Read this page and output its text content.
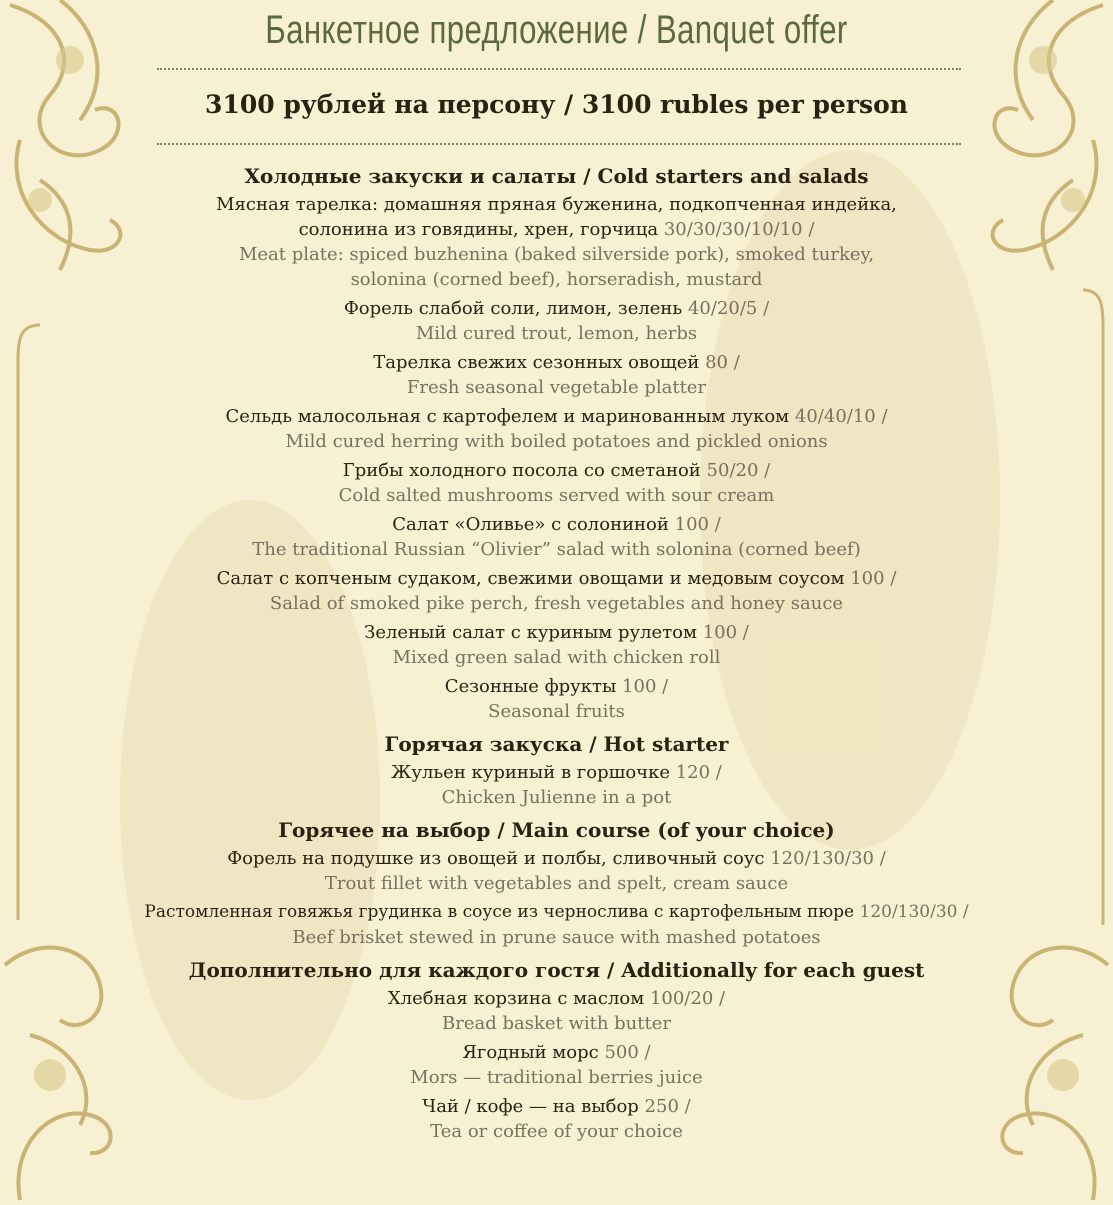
Банкетное предложение / Banquet offer
3100 рублей на персону / 3100 rubles per person
Холодные закуски и салаты / Cold starters and salads
Мясная тарелка: домашняя пряная буженина, подкопченная индейка,
солонина из говядины, хрен, горчица 30/30/30/10/10 /
Meat plate: spiced buzhenina (baked silverside pork), smoked turkey,
solonina (corned beef), horseradish, mustard
Форель слабой соли, лимон, зелень 40/20/5 /
Mild cured trout, lemon, herbs
Тарелка свежих сезонных овощей 80 /
Fresh seasonal vegetable platter
Сельдь малосольная с картофелем и маринованным луком 40/40/10 /
Mild cured herring with boiled potatoes and pickled onions
Грибы холодного посола со сметаной 50/20 /
Cold salted mushrooms served with sour cream
Салат «Оливье» с солониной 100 /
The traditional Russian “Olivier” salad with solonina (corned beef)
Салат с копченым судаком, свежими овощами и медовым соусом 100 /
Salad of smoked pike perch, fresh vegetables and honey sauce
Зеленый салат с куриным рулетом 100 /
Mixed green salad with chicken roll
Сезонные фрукты 100 /
Seasonal fruits
Горячая закуска / Hot starter
Жульен куриный в горшочке 120 /
Chicken Julienne in a pot
Горячее на выбор / Main course (of your choice)
Форель на подушке из овощей и полбы, сливочный соус 120/130/30 /
Trout fillet with vegetables and spelt, cream sauce
Растомленная говяжья грудинка в соусе из чернослива с картофельным пюре 120/130/30 /
Beef brisket stewed in prune sauce with mashed potatoes
Дополнительно для каждого гостя / Additionally for each guest
Хлебная корзина с маслом 100/20 /
Bread basket with butter
Ягодный морс 500 /
Mors — traditional berries juice
Чай / кофе — на выбор 250 /
Tea or coffee of your choice
